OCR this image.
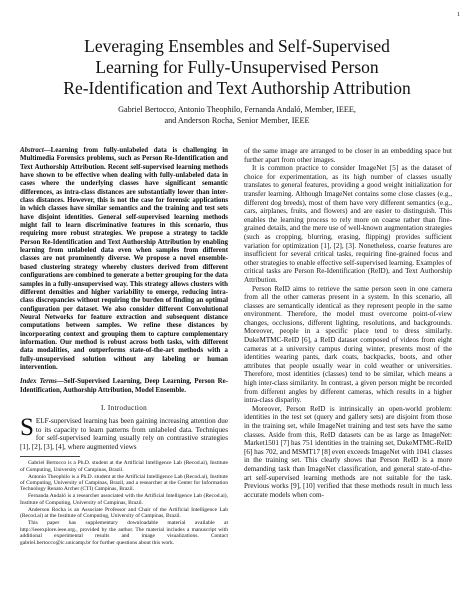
1
Leveraging Ensembles and Self-Supervised
Learning for Fully-Unsupervised Person
Re-Identification and Text Authorship Attribution
Gabriel Bertocco, Antonio Theophilo, Fernanda Andaló, Member, IEEE,
and Anderson Rocha, Senior Member, IEEE

Abstract—Learning from fully-unlabeled data is challenging in Multimedia Forensics problems, such as Person Re-Identification and Text Authorship Attribution. Recent self-supervised learning methods have shown to be effective when dealing with fully-unlabeled data in cases where the underlying classes have significant semantic differences, as intra-class distances are substantially lower than inter-class distances. However, this is not the case for forensic applications in which classes have similar semantics and the training and test sets have disjoint identities. General self-supervised learning methods might fail to learn discriminative features in this scenario, thus requiring more robust strategies. We propose a strategy to tackle Person Re-Identification and Text Authorship Attribution by enabling learning from unlabeled data even when samples from different classes are not prominently diverse. We propose a novel ensemble-based clustering strategy whereby clusters derived from different configurations are combined to generate a better grouping for the data samples in a fully-unsupervised way. This strategy allows clusters with different densities and higher variability to emerge, reducing intra-class discrepancies without requiring the burden of finding an optimal configuration per dataset. We also consider different Convolutional Neural Networks for feature extraction and subsequent distance computations between samples. We refine these distances by incorporating context and grouping them to capture complementary information. Our method is robust across both tasks, with different data modalities, and outperforms state-of-the-art methods with a fully-unsupervised solution without any labeling or human intervention.

Index Terms—Self-Supervised Learning, Deep Learning, Person Re-Identification, Authorship Attribution, Model Ensemble.

I. Introduction

SELF-supervised learning has been gaining increasing attention due to its capacity to learn patterns from unlabeled data. Techniques for self-supervised learning usually rely on contrastive strategies [1], [2], [3], [4], where augmented views

Gabriel Bertocco is a Ph.D. student at the Artificial Intelligence Lab (Recod.ai), Institute of Computing, University of Campinas, Brazil.

Antonio Theophilo is a Ph.D. student at the Artificial Intelligence Lab (Recod.ai), Institute of Computing, University of Campinas, Brazil, and a researcher at the Center for Information Technology Renato Archer (CTI) Campinas, Brazil.

Fernanda Andaló is a researcher associated with the Artificial Intelligence Lab (Recod.ai), Institute of Computing, University of Campinas, Brazil.

Anderson Rocha is an Associate Professor and Chair of the Artificial Intelligence Lab (Recod.ai) at the Institute of Computing, University of Campinas, Brazil.

This paper has supplementary downloadable material available at http://ieeexplore.ieee.org., provided by the author. The material includes a manuscript with additional experimental results and image visualizations. Contact gabriel.bertocco@ic.unicamp.br for further questions about this work.

of the same image are arranged to be closer in an embedding space but further apart from other images.

It is common practice to consider ImageNet [5] as the dataset of choice for experimentation, as its high number of classes usually translates to general features, providing a good weight initialization for transfer learning. Although ImageNet contains some close classes (e.g., different dog breeds), most of them have very different semantics (e.g., cars, airplanes, fruits, and flowers) and are easier to distinguish. This enables the learning process to rely more on coarse rather than fine-grained details, and the mere use of well-known augmentation strategies (such as cropping, blurring, erasing, flipping) provides sufficient variation for optimization [1], [2], [3]. Nonetheless, coarse features are insufficient for several critical tasks, requiring fine-grained focus and other strategies to enable effective self-supervised learning. Examples of critical tasks are Person Re-Identification (ReID), and Text Authorship Attribution.

Person ReID aims to retrieve the same person seen in one camera from all the other cameras present in a system. In this scenario, all classes are semantically identical as they represent people in the same environment. Therefore, the model must overcome point-of-view changes, occlusions, different lighting, resolutions, and backgrounds. Moreover, people in a specific place tend to dress similarly. DukeMTMC-ReID [6], a ReID dataset composed of videos from eight cameras at a university campus during winter, presents most of the identities wearing pants, dark coats, backpacks, boots, and other attributes that people usually wear in cold weather or universities. Therefore, most identities (classes) tend to be similar, which means a high inter-class similarity. In contrast, a given person might be recorded from different angles by different cameras, which results in a higher intra-class disparity.

Moreover, Person ReID is intrinsically an open-world problem: identities in the test set (query and gallery sets) are disjoint from those in the training set, while ImageNet training and test sets have the same classes. Aside from this, ReID datasets can be as large as ImageNet: Market1501 [7] has 751 identities in the training set, DukeMTMC-ReID [6] has 702, and MSMT17 [8] even exceeds ImageNet with 1041 classes in the training set. This clearly shows that Person ReID is a more demanding task than ImageNet classification, and general state-of-the-art self-supervised learning methods are not suitable for the task. Previous works [9], [10] verified that these methods result in much less accurate models when com-
